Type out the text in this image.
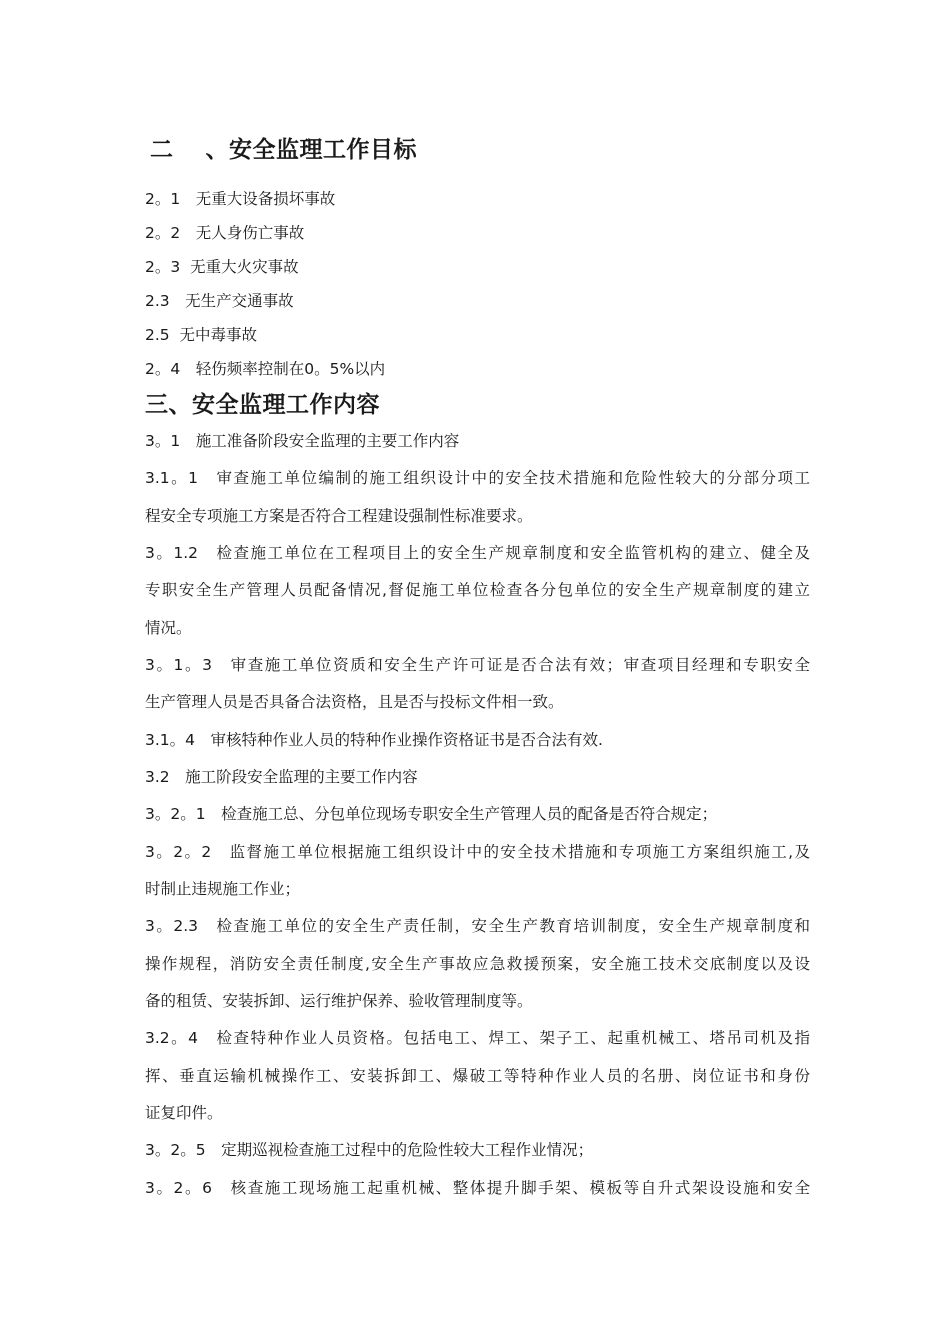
二　 、安全监理工作目标
2。1　无重大设备损坏事故
2。2　无人身伤亡事故
2。3  无重大火灾事故
2.3　无生产交通事故
2.5  无中毒事故
2。4　轻伤频率控制在0。5%以内
三、安全监理工作内容
3。1　施工准备阶段安全监理的主要工作内容
3.1。1　审查施工单位编制的施工组织设计中的安全技术措施和危险性较大的分部分项工
程安全专项施工方案是否符合工程建设强制性标准要求。
3。1.2　检查施工单位在工程项目上的安全生产规章制度和安全监管机构的建立、健全及
专职安全生产管理人员配备情况,督促施工单位检查各分包单位的安全生产规章制度的建立
情况。
3。1。3　审查施工单位资质和安全生产许可证是否合法有效；审查项目经理和专职安全
生产管理人员是否具备合法资格，且是否与投标文件相一致。
3.1。4　审核特种作业人员的特种作业操作资格证书是否合法有效.
3.2　施工阶段安全监理的主要工作内容
3。2。1　检查施工总、分包单位现场专职安全生产管理人员的配备是否符合规定；
3。2。2　监督施工单位根据施工组织设计中的安全技术措施和专项施工方案组织施工,及
时制止违规施工作业；
3。2.3　检查施工单位的安全生产责任制，安全生产教育培训制度，安全生产规章制度和
操作规程，消防安全责任制度,安全生产事故应急救援预案，安全施工技术交底制度以及设
备的租赁、安装拆卸、运行维护保养、验收管理制度等。
3.2。4　检查特种作业人员资格。包括电工、焊工、架子工、起重机械工、塔吊司机及指
挥、垂直运输机械操作工、安装拆卸工、爆破工等特种作业人员的名册、岗位证书和身份
证复印件。
3。2。5　定期巡视检查施工过程中的危险性较大工程作业情况；
3。2。6　核查施工现场施工起重机械、整体提升脚手架、模板等自升式架设设施和安全
